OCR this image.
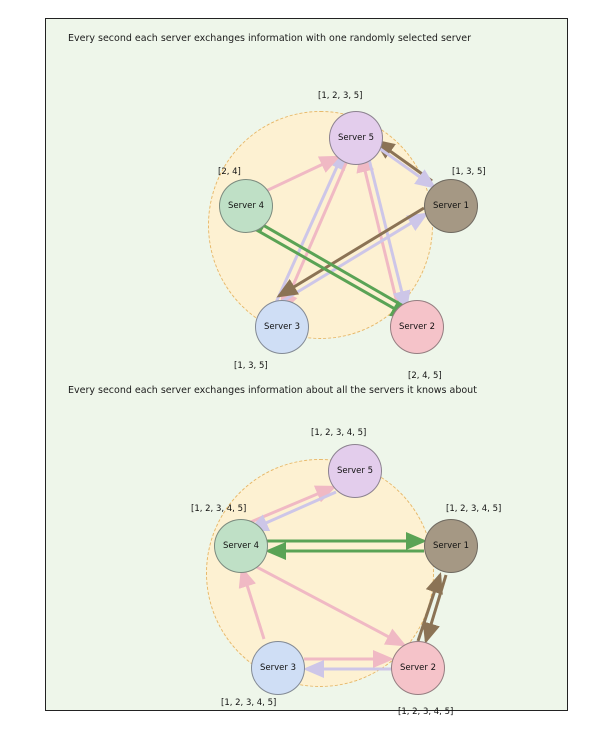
Every second each server exchanges information with one randomly selected server
Server 5
Server 1
Server 4
Server 3	Server 2
[1, 2, 3, 5]
[1, 3, 5]
[2, 4]
[1, 3, 5]
[2, 4, 5]
Every second each server exchanges information about all the servers it knows about
Server 5
Server 1
Server 4
Server 3	Server 2
[1, 2, 3, 4, 5]
[1, 2, 3, 4, 5]
[1, 2, 3, 4, 5]
[1, 2, 3, 4, 5]
[1, 2, 3, 4, 5]
